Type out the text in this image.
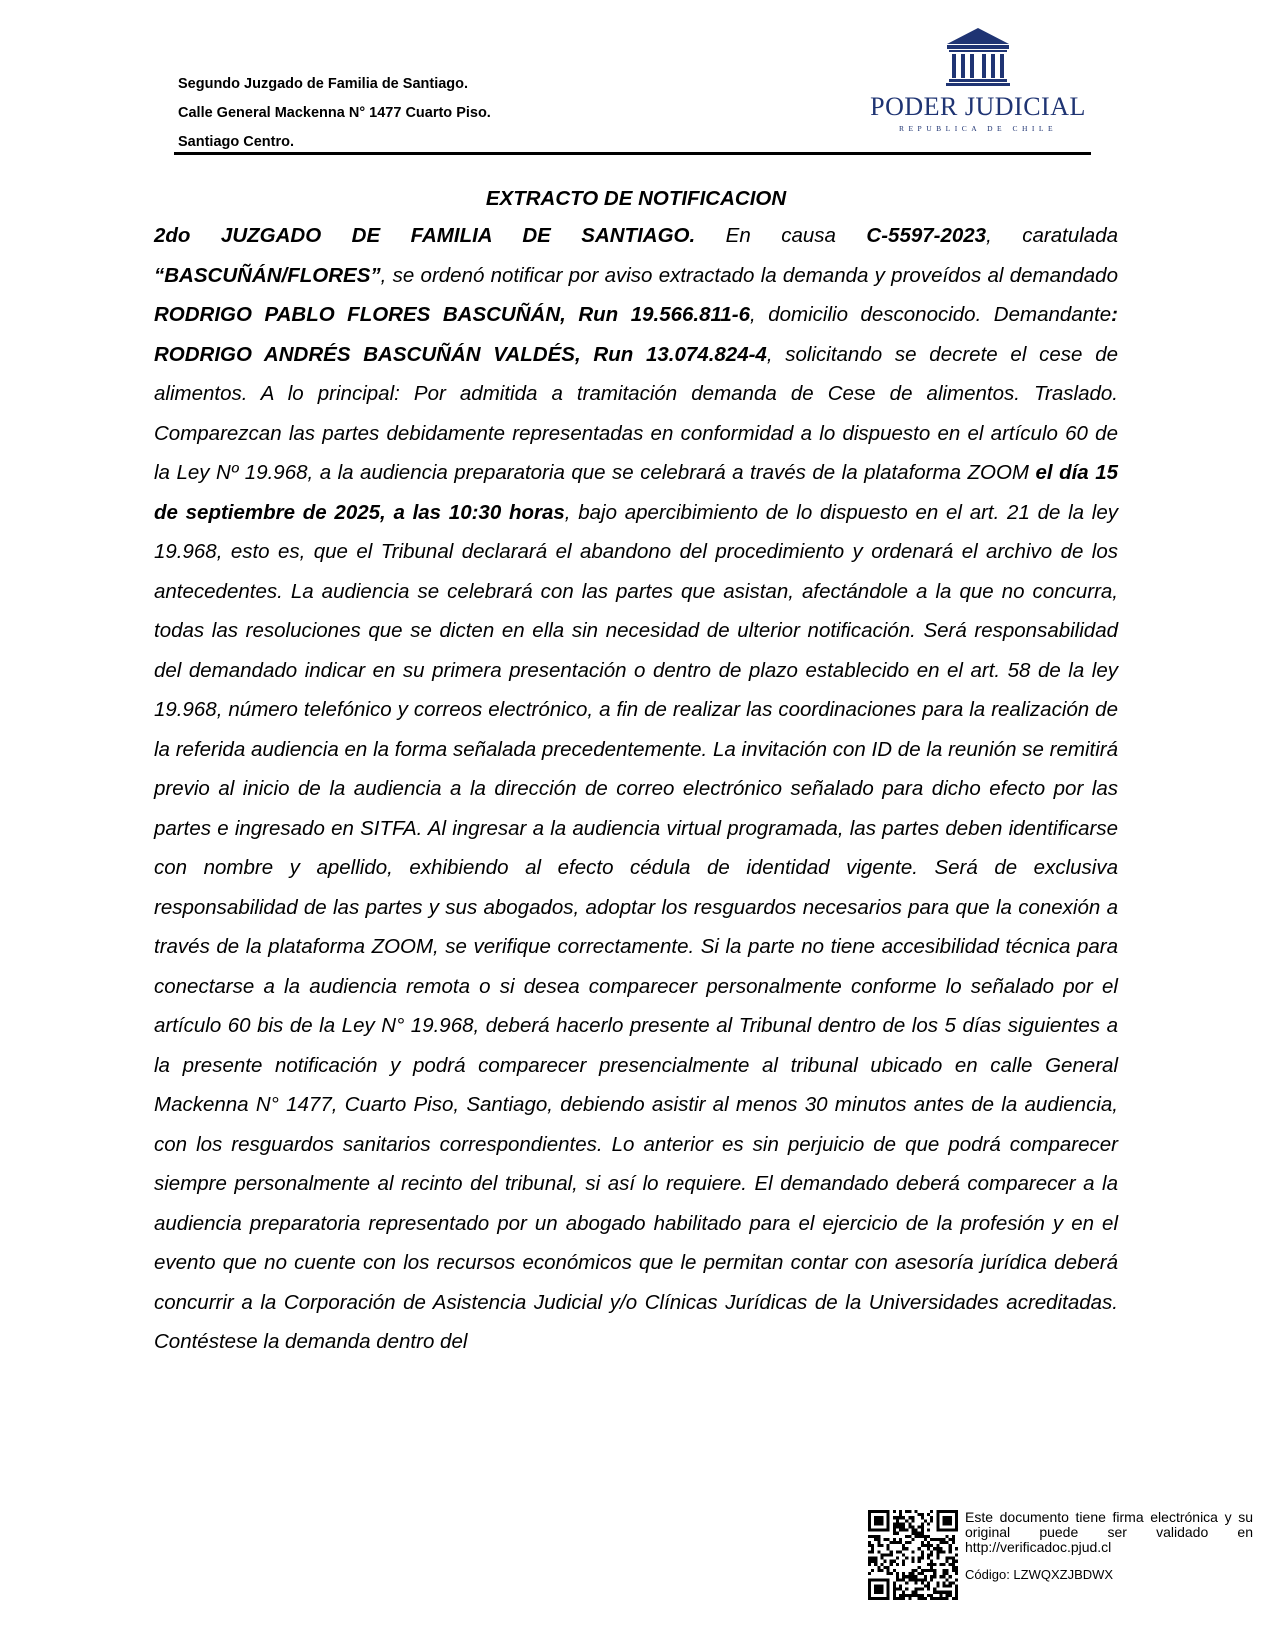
Segundo Juzgado de Familia de Santiago.
Calle General Mackenna N° 1477 Cuarto Piso.
Santiago Centro.
PODER JUDICIAL
REPUBLICA DE CHILE
EXTRACTO DE NOTIFICACION
2do JUZGADO DE FAMILIA DE SANTIAGO. En causa C-5597-2023, caratulada “BASCUÑÁN/FLORES”, se ordenó notificar por aviso extractado la demanda y proveídos al demandado RODRIGO PABLO FLORES BASCUÑÁN, Run 19.566.811-6, domicilio desconocido. Demandante: RODRIGO ANDRÉS BASCUÑÁN VALDÉS, Run 13.074.824-4, solicitando se decrete el cese de alimentos. A lo principal: Por admitida a tramitación demanda de Cese de alimentos. Traslado. Comparezcan las partes debidamente representadas en conformidad a lo dispuesto en el artículo 60 de la Ley Nº 19.968, a la audiencia preparatoria que se celebrará a través de la plataforma ZOOM el día 15 de septiembre de 2025, a las 10:30 horas, bajo apercibimiento de lo dispuesto en el art. 21 de la ley 19.968, esto es, que el Tribunal declarará el abandono del procedimiento y ordenará el archivo de los antecedentes. La audiencia se celebrará con las partes que asistan, afectándole a la que no concurra, todas las resoluciones que se dicten en ella sin necesidad de ulterior notificación. Será responsabilidad del demandado indicar en su primera presentación o dentro de plazo establecido en el art. 58 de la ley 19.968, número telefónico y correos electrónico, a fin de realizar las coordinaciones para la realización de la referida audiencia en la forma señalada precedentemente. La invitación con ID de la reunión se remitirá previo al inicio de la audiencia a la dirección de correo electrónico señalado para dicho efecto por las partes e ingresado en SITFA. Al ingresar a la audiencia virtual programada, las partes deben identificarse con nombre y apellido, exhibiendo al efecto cédula de identidad vigente. Será de exclusiva responsabilidad de las partes y sus abogados, adoptar los resguardos necesarios para que la conexión a través de la plataforma ZOOM, se verifique correctamente. Si la parte no tiene accesibilidad técnica para conectarse a la audiencia remota o si desea comparecer personalmente conforme lo señalado por el artículo 60 bis de la Ley N° 19.968, deberá hacerlo presente al Tribunal dentro de los 5 días siguientes a la presente notificación y podrá comparecer presencialmente al tribunal ubicado en calle General Mackenna N° 1477, Cuarto Piso, Santiago, debiendo asistir al menos 30 minutos antes de la audiencia, con los resguardos sanitarios correspondientes. Lo anterior es sin perjuicio de que podrá comparecer siempre personalmente al recinto del tribunal, si así lo requiere. El demandado deberá comparecer a la audiencia preparatoria representado por un abogado habilitado para el ejercicio de la profesión y en el evento que no cuente con los recursos económicos que le permitan contar con asesoría jurídica deberá concurrir a la Corporación de Asistencia Judicial y/o Clínicas Jurídicas de la Universidades acreditadas. Contéstese la demanda dentro del
Este documento tiene firma electrónica y su original puede ser validado en http://verificadoc.pjud.cl
Código: LZWQXZJBDWX
